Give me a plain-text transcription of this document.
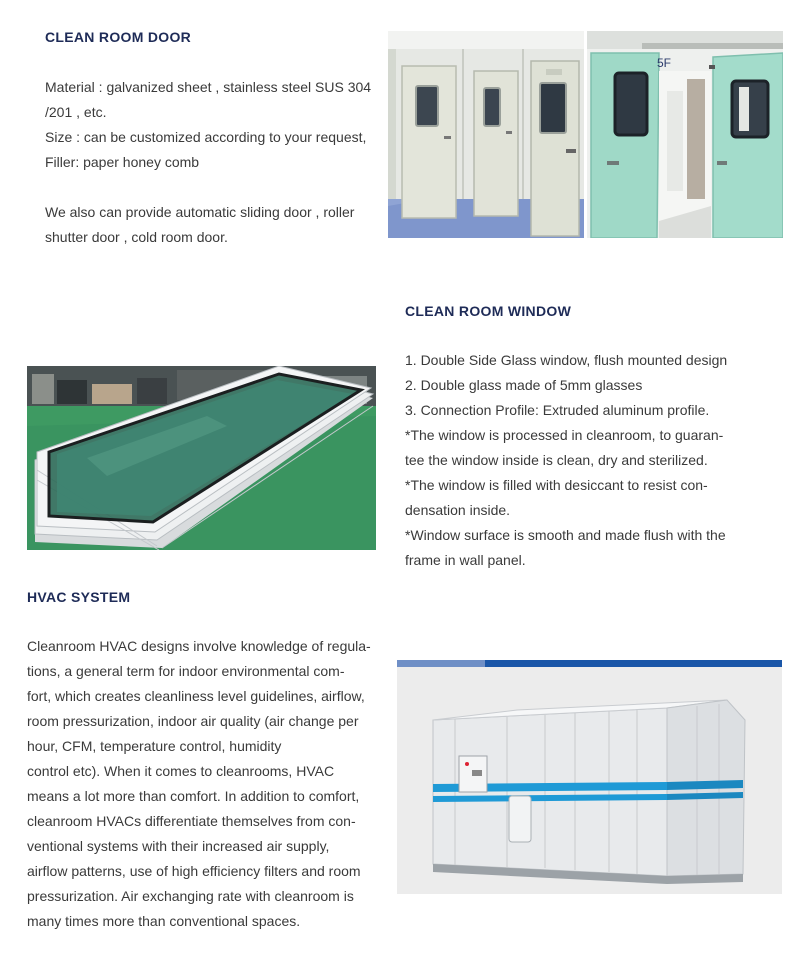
CLEAN ROOM DOOR
Material : galvanized sheet , stainless steel SUS 304
/201 , etc.
Size : can be customized according to your request,
Filler: paper honey comb
We also can provide automatic sliding door , roller
shutter door , cold room door.
5F
CLEAN ROOM WINDOW
1. Double Side Glass window, flush mounted design
2. Double glass made of 5mm glasses
3. Connection Profile: Extruded aluminum profile.
*The window is processed in cleanroom, to guaran-
tee the window inside is clean, dry and sterilized.
*The window is filled with desiccant to resist con-
densation inside.
*Window surface is smooth and made flush with the
frame in wall panel.
HVAC SYSTEM
Cleanroom HVAC designs involve knowledge of regula-
tions, a general term for indoor environmental com-
fort, which creates cleanliness level guidelines, airflow,
room pressurization, indoor air quality (air change per
hour, CFM, temperature control, humidity
control etc). When it comes to cleanrooms, HVAC
means a lot more than comfort. In addition to comfort,
cleanroom HVACs differentiate themselves from con-
ventional systems with their increased air supply,
airflow patterns, use of high efficiency filters and room
pressurization. Air exchanging rate with cleanroom is
many times more than conventional spaces.
